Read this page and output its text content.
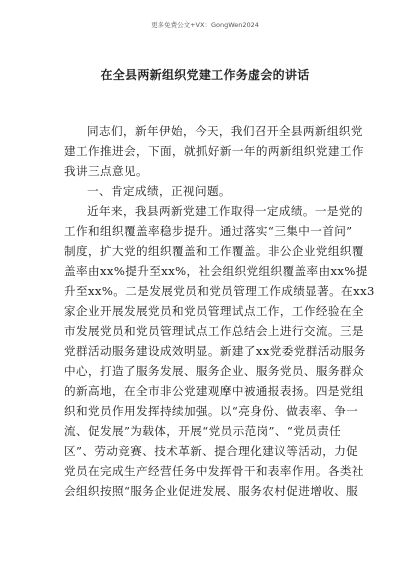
更多免费公文+VX：GongWen2024
在全县两新组织党建工作务虚会的讲话
同志们，新年伊始，今天，我们召开全县两新组织党
建工作推进会，下面，就抓好新一年的两新组织党建工作
我讲三点意见。
一、肯定成绩，正视问题。
近年来，我县两新党建工作取得一定成绩。一是党的
工作和组织覆盖率稳步提升。通过落实“三集中一首问”
制度，扩大党的组织覆盖和工作覆盖。非公企业党组织覆
盖率由xx%提升至xx%，社会组织党组织覆盖率由xx%提
升至xx%。二是发展党员和党员管理工作成绩显著。在xx3
家企业开展发展党员和党员管理试点工作，工作经验在全
市发展党员和党员管理试点工作总结会上进行交流。三是
党群活动服务建设成效明显。新建了xx党委党群活动服务
中心，打造了服务发展、服务企业、服务党员、服务群众
的新高地，在全市非公党建观摩中被通报表扬。四是党组
织和党员作用发挥持续加强。以“亮身份、做表率、争一
流、促发展”为载体，开展“党员示范岗”、“党员责任
区”、劳动竞赛、技术革新、提合理化建议等活动，力促
党员在完成生产经营任务中发挥骨干和表率作用。各类社
会组织按照“服务企业促进发展、服务农村促进增收、服
